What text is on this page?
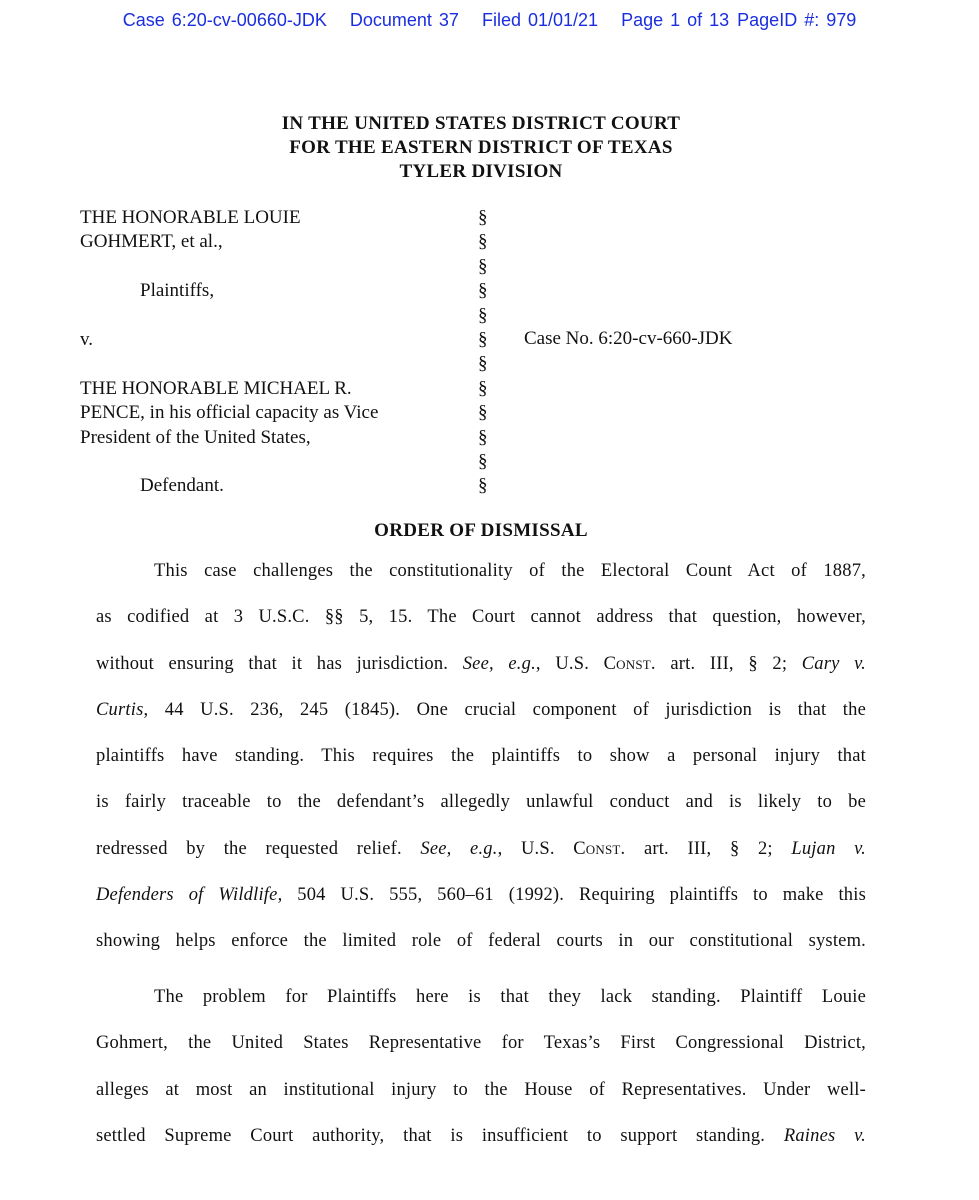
Case 6:20-cv-00660-JDK Document 37 Filed 01/01/21 Page 1 of 13 PageID #: 979
IN THE UNITED STATES DISTRICT COURT
FOR THE EASTERN DISTRICT OF TEXAS
TYLER DIVISION
THE HONORABLE LOUIE
GOHMERT, et al.,
Plaintiffs,
v.
THE HONORABLE MICHAEL R.
PENCE, in his official capacity as Vice
President of the United States,
Defendant.
§
§
§
§
§
§
§
§
§
§
§
§
Case No. 6:20-cv-660-JDK
ORDER OF DISMISSAL
This case challenges the constitutionality of the Electoral Count Act of 1887,
as codified at 3 U.S.C. §§ 5, 15. The Court cannot address that question, however,
without ensuring that it has jurisdiction. See, e.g., U.S. Const. art. III, § 2; Cary v.
Curtis, 44 U.S. 236, 245 (1845). One crucial component of jurisdiction is that the
plaintiffs have standing. This requires the plaintiffs to show a personal injury that
is fairly traceable to the defendant’s allegedly unlawful conduct and is likely to be
redressed by the requested relief. See, e.g., U.S. Const. art. III, § 2; Lujan v.
Defenders of Wildlife, 504 U.S. 555, 560–61 (1992). Requiring plaintiffs to make this
showing helps enforce the limited role of federal courts in our constitutional system.
The problem for Plaintiffs here is that they lack standing. Plaintiff Louie
Gohmert, the United States Representative for Texas’s First Congressional District,
alleges at most an institutional injury to the House of Representatives. Under well-
settled Supreme Court authority, that is insufficient to support standing. Raines v.
